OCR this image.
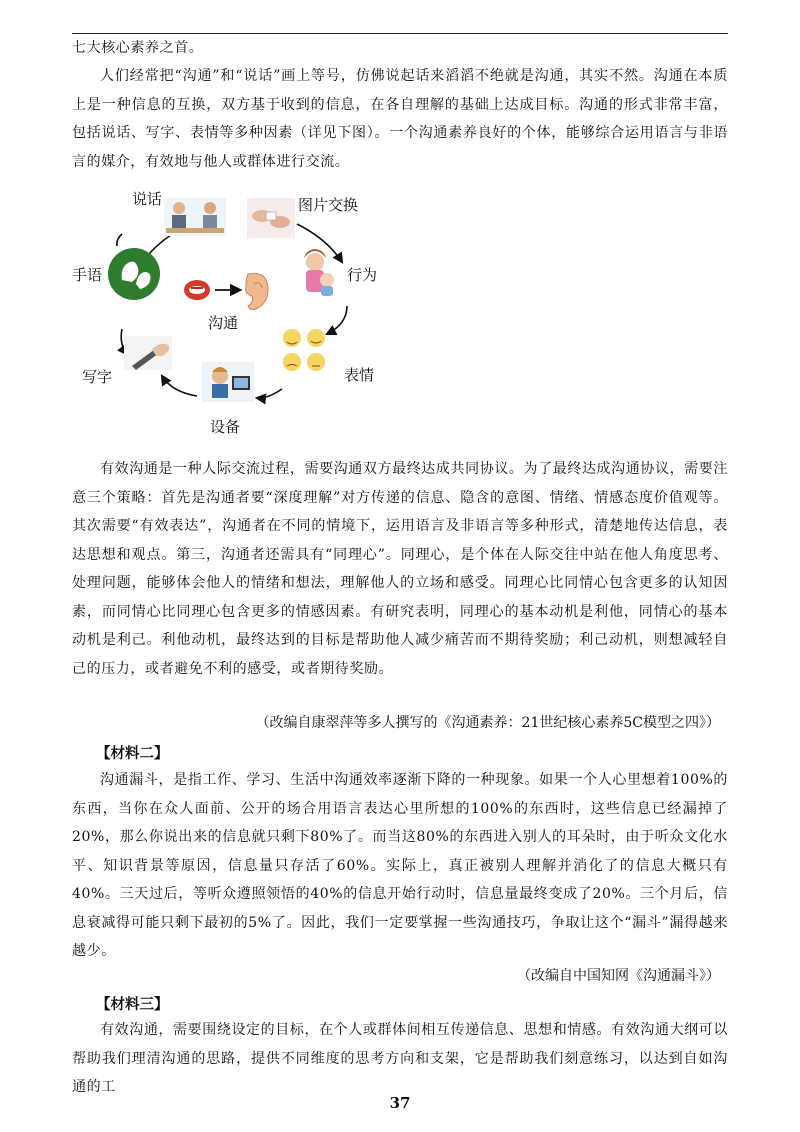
七大核心素养之首。

人们经常把“沟通”和“说话”画上等号，仿佛说起话来滔滔不绝就是沟通，其实不然。沟通在本质上是一种信息的互换，双方基于收到的信息，在各自理解的基础上达成目标。沟通的形式非常丰富，包括说话、写字、表情等多种因素（详见下图）。一个沟通素养良好的个体，能够综合运用语言与非语言的媒介，有效地与他人或群体进行交流。

说话	图片交换
手语	行为
沟通
表情
写字
设备

有效沟通是一种人际交流过程，需要沟通双方最终达成共同协议。为了最终达成沟通协议，需要注意三个策略：首先是沟通者要“深度理解”对方传递的信息、隐含的意图、情绪、情感态度价值观等。其次需要“有效表达”，沟通者在不同的情境下，运用语言及非语言等多种形式，清楚地传达信息，表达思想和观点。第三，沟通者还需具有“同理心”。同理心，是个体在人际交往中站在他人角度思考、处理问题，能够体会他人的情绪和想法，理解他人的立场和感受。同理心比同情心包含更多的认知因素，而同情心比同理心包含更多的情感因素。有研究表明，同理心的基本动机是利他，同情心的基本动机是利己。利他动机，最终达到的目标是帮助他人减少痛苦而不期待奖励；利己动机，则想减轻自己的压力，或者避免不利的感受，或者期待奖励。

（改编自康翠萍等多人撰写的《沟通素养：21世纪核心素养5C模型之四》）

【材料二】

沟通漏斗，是指工作、学习、生活中沟通效率逐渐下降的一种现象。如果一个人心里想着100%的东西，当你在众人面前、公开的场合用语言表达心里所想的100%的东西时，这些信息已经漏掉了20%，那么你说出来的信息就只剩下80%了。而当这80%的东西进入别人的耳朵时，由于听众文化水平、知识背景等原因，信息量只存活了60%。实际上，真正被别人理解并消化了的信息大概只有40%。三天过后，等听众遵照领悟的40%的信息开始行动时，信息量最终变成了20%。三个月后，信息衰减得可能只剩下最初的5%了。因此，我们一定要掌握一些沟通技巧，争取让这个“漏斗”漏得越来越少。

（改编自中国知网《沟通漏斗》）

【材料三】

有效沟通，需要围绕设定的目标，在个人或群体间相互传递信息、思想和情感。有效沟通大纲可以帮助我们理清沟通的思路，提供不同维度的思考方向和支架，它是帮助我们刻意练习，以达到自如沟通的工

37
